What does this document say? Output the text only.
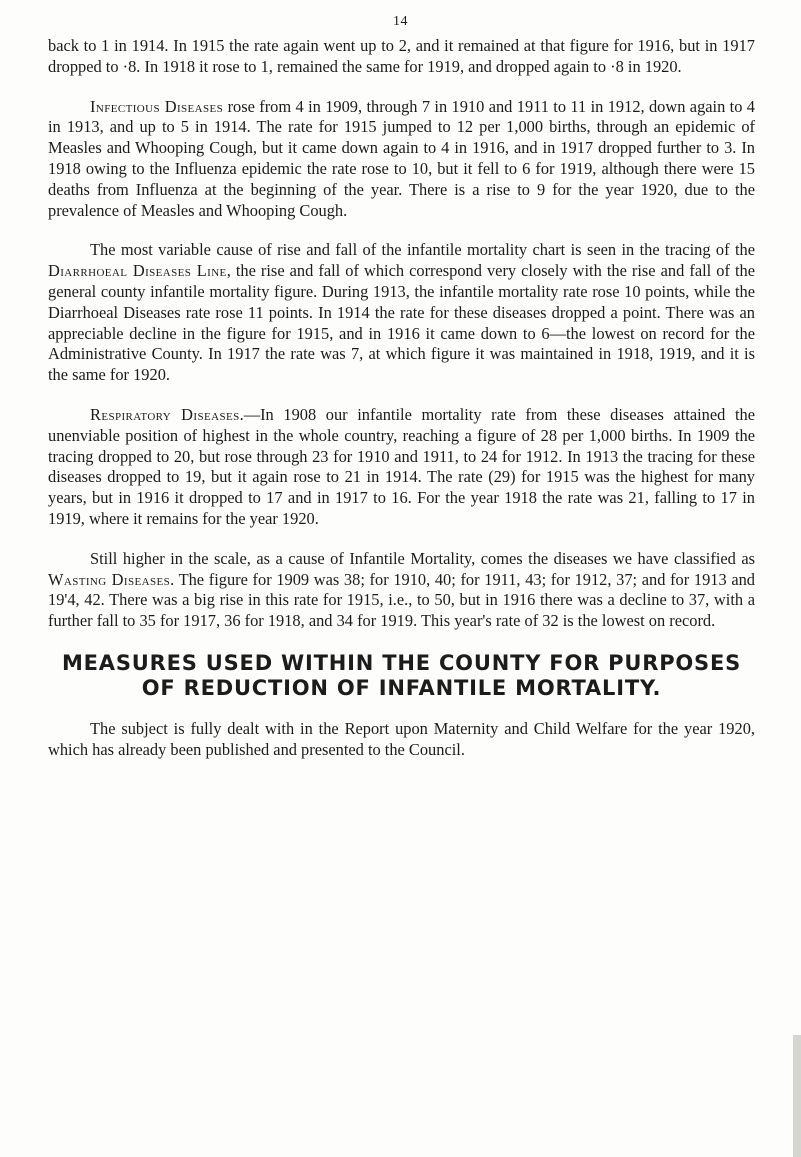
14

back to 1 in 1914. In 1915 the rate again went up to 2, and it remained at that figure for 1916, but in 1917 dropped to ·8. In 1918 it rose to 1, remained the same for 1919, and dropped again to ·8 in 1920.

Infectious Diseases rose from 4 in 1909, through 7 in 1910 and 1911 to 11 in 1912, down again to 4 in 1913, and up to 5 in 1914. The rate for 1915 jumped to 12 per 1,000 births, through an epidemic of Measles and Whooping Cough, but it came down again to 4 in 1916, and in 1917 dropped further to 3. In 1918 owing to the Influenza epidemic the rate rose to 10, but it fell to 6 for 1919, although there were 15 deaths from Influenza at the beginning of the year. There is a rise to 9 for the year 1920, due to the prevalence of Measles and Whooping Cough.

The most variable cause of rise and fall of the infantile mortality chart is seen in the tracing of the Diarrhoeal Diseases Line, the rise and fall of which correspond very closely with the rise and fall of the general county infantile mortality figure. During 1913, the infantile mortality rate rose 10 points, while the Diarrhoeal Diseases rate rose 11 points. In 1914 the rate for these diseases dropped a point. There was an appreciable decline in the figure for 1915, and in 1916 it came down to 6—the lowest on record for the Administrative County. In 1917 the rate was 7, at which figure it was maintained in 1918, 1919, and it is the same for 1920.

Respiratory Diseases.—In 1908 our infantile mortality rate from these diseases attained the unenviable position of highest in the whole country, reaching a figure of 28 per 1,000 births. In 1909 the tracing dropped to 20, but rose through 23 for 1910 and 1911, to 24 for 1912. In 1913 the tracing for these diseases dropped to 19, but it again rose to 21 in 1914. The rate (29) for 1915 was the highest for many years, but in 1916 it dropped to 17 and in 1917 to 16. For the year 1918 the rate was 21, falling to 17 in 1919, where it remains for the year 1920.

Still higher in the scale, as a cause of Infantile Mortality, comes the diseases we have classified as Wasting Diseases. The figure for 1909 was 38; for 1910, 40; for 1911, 43; for 1912, 37; and for 1913 and 19'4, 42. There was a big rise in this rate for 1915, i.e., to 50, but in 1916 there was a decline to 37, with a further fall to 35 for 1917, 36 for 1918, and 34 for 1919. This year's rate of 32 is the lowest on record.

MEASURES USED WITHIN THE COUNTY FOR PURPOSES
OF REDUCTION OF INFANTILE MORTALITY.

The subject is fully dealt with in the Report upon Maternity and Child Welfare for the year 1920, which has already been published and presented to the Council.
